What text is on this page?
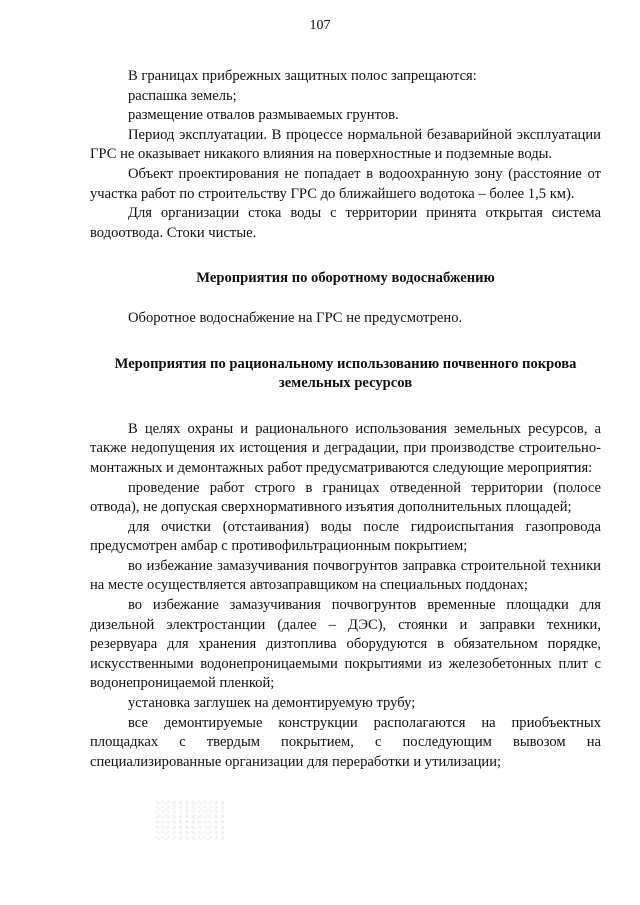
107

В границах прибрежных защитных полос запрещаются:

распашка земель;

размещение отвалов размываемых грунтов.

Период эксплуатации. В процессе нормальной безаварийной эксплуатации ГРС не оказывает никакого влияния на поверхностные и подземные воды.

Объект проектирования не попадает в водоохранную зону (расстояние от участка работ по строительству ГРС до ближайшего водотока – более 1,5 км).

Для организации стока воды с территории принята открытая система водоотвода. Стоки чистые.

Мероприятия по оборотному водоснабжению

Оборотное водоснабжение на ГРС не предусмотрено.

Мероприятия по рациональному использованию почвенного покрова земельных ресурсов

В целях охраны и рационального использования земельных ресурсов, а также недопущения их истощения и деградации, при производстве строительно-монтажных и демонтажных работ предусматриваются следующие мероприятия:

проведение работ строго в границах отведенной территории (полосе отвода), не допуская сверхнормативного изъятия дополнительных площадей;

для очистки (отстаивания) воды после гидроиспытания газопровода предусмотрен амбар с противофильтрационным покрытием;

во избежание замазучивания почвогрунтов заправка строительной техники на месте осуществляется автозаправщиком на специальных поддонах;

во избежание замазучивания почвогрунтов временные площадки для дизельной электростанции (далее – ДЭС), стоянки и заправки техники, резервуара для хранения дизтоплива оборудуются в обязательном порядке, искусственными водонепроницаемыми покрытиями из железобетонных плит с водонепроницаемой пленкой;

установка заглушек на демонтируемую трубу;

все демонтируемые конструкции располагаются на приобъектных площадках с твердым покрытием, с последующим вывозом на специализированные организации для переработки и утилизации;
